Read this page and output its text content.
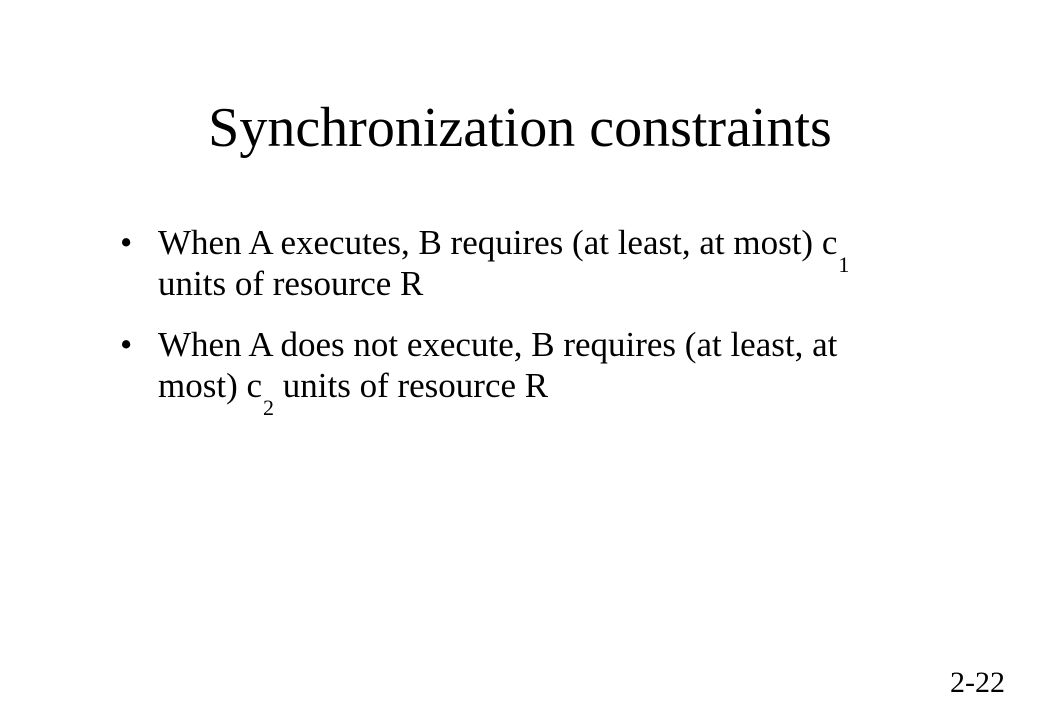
Synchronization constraints
• When A executes, B requires (at least, at most) $c_1$ units of resource R
• When A does not execute, B requires (at least, at most) $c_2$ units of resource R
2-22
